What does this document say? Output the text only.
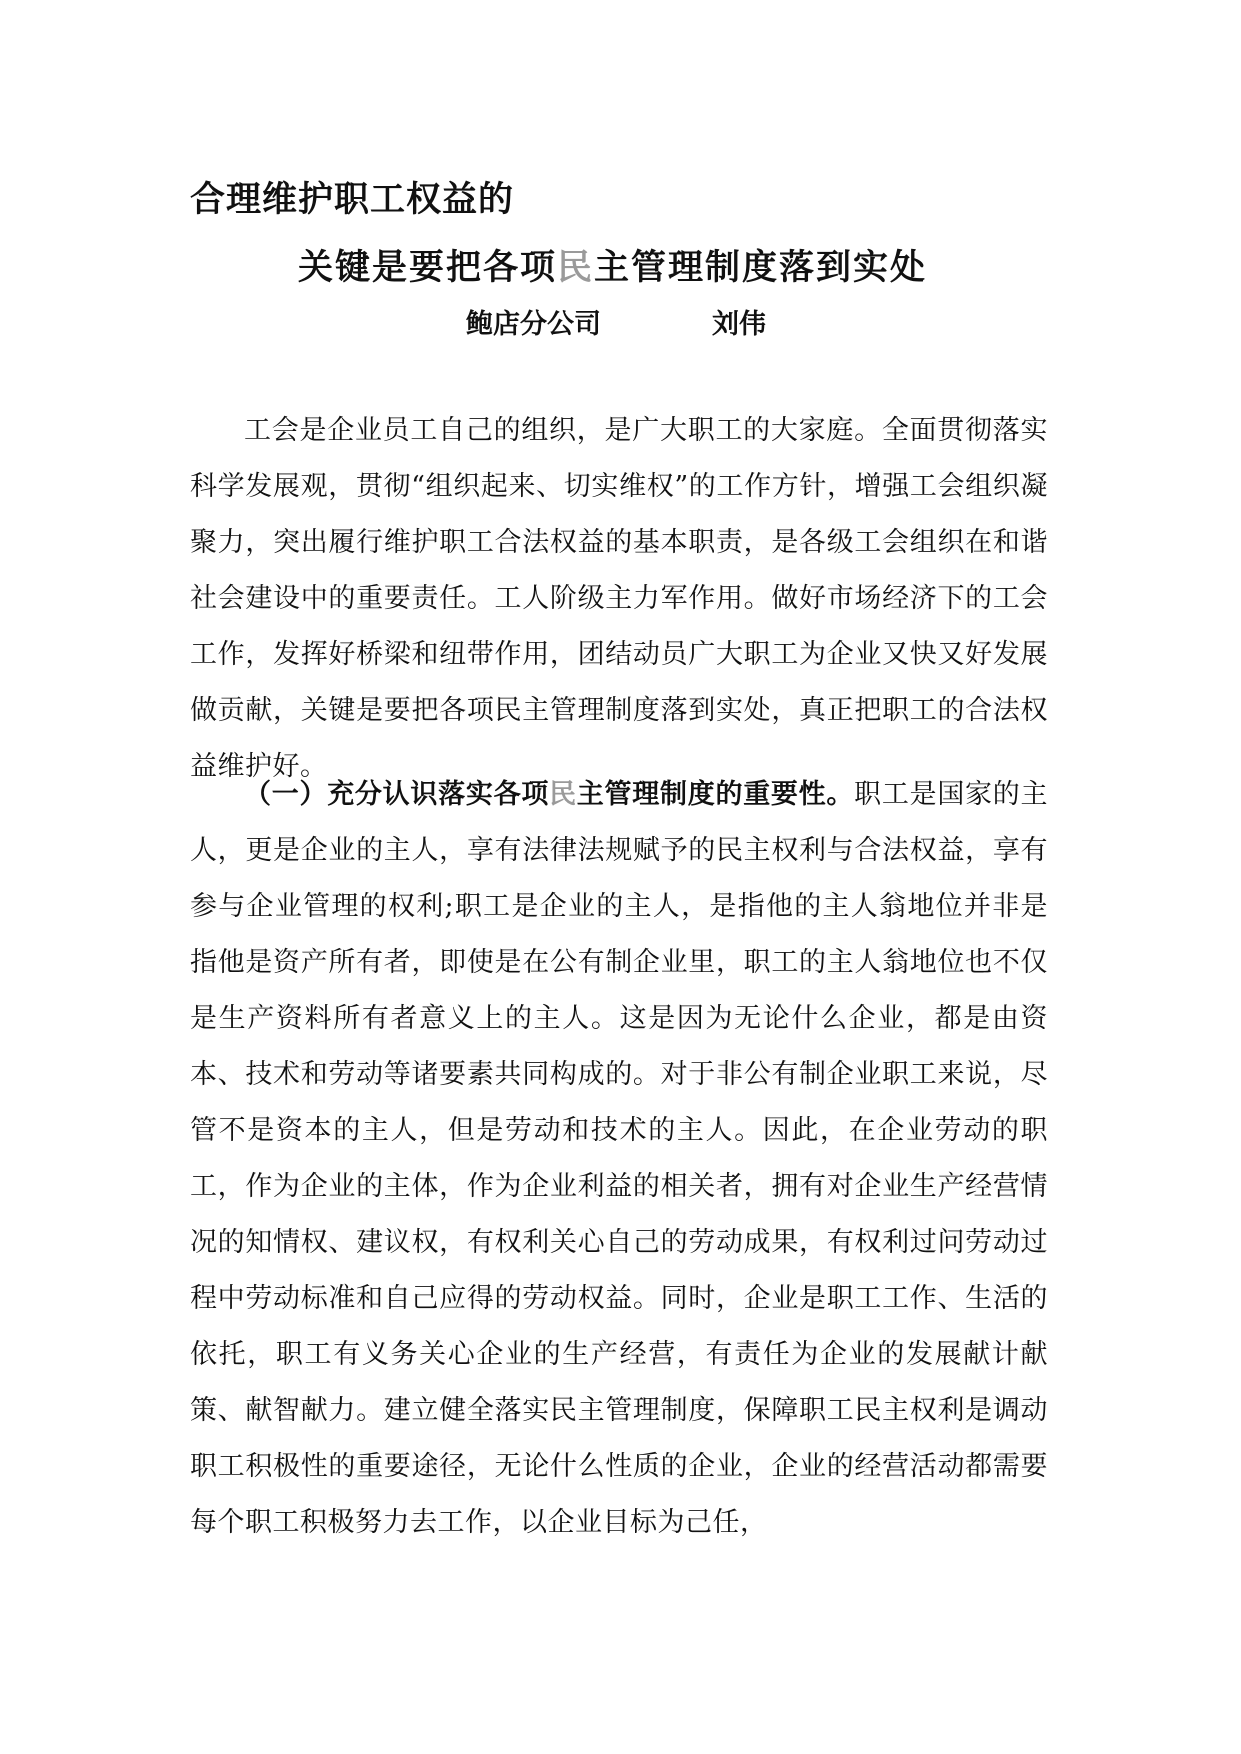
合理维护职工权益的
关键是要把各项民主管理制度落到实处
鲍店分公司	刘伟

工会是企业员工自己的组织，是广大职工的大家庭。全面贯彻落实科学发展观，贯彻“组织起来、切实维权”的工作方针，增强工会组织凝聚力，突出履行维护职工合法权益的基本职责，是各级工会组织在和谐社会建设中的重要责任。工人阶级主力军作用。做好市场经济下的工会工作，发挥好桥梁和纽带作用，团结动员广大职工为企业又快又好发展做贡献，关键是要把各项民主管理制度落到实处，真正把职工的合法权益维护好。

（一）充分认识落实各项民主管理制度的重要性。职工是国家的主人，更是企业的主人，享有法律法规赋予的民主权利与合法权益，享有参与企业管理的权利;职工是企业的主人，是指他的主人翁地位并非是指他是资产所有者，即使是在公有制企业里，职工的主人翁地位也不仅是生产资料所有者意义上的主人。这是因为无论什么企业，都是由资本、技术和劳动等诸要素共同构成的。对于非公有制企业职工来说，尽管不是资本的主人，但是劳动和技术的主人。因此，在企业劳动的职工，作为企业的主体，作为企业利益的相关者，拥有对企业生产经营情况的知情权、建议权，有权利关心自己的劳动成果，有权利过问劳动过程中劳动标准和自己应得的劳动权益。同时，企业是职工工作、生活的依托，职工有义务关心企业的生产经营，有责任为企业的发展献计献策、献智献力。建立健全落实民主管理制度，保障职工民主权利是调动职工积极性的重要途径，无论什么性质的企业，企业的经营活动都需要每个职工积极努力去工作，以企业目标为己任，
